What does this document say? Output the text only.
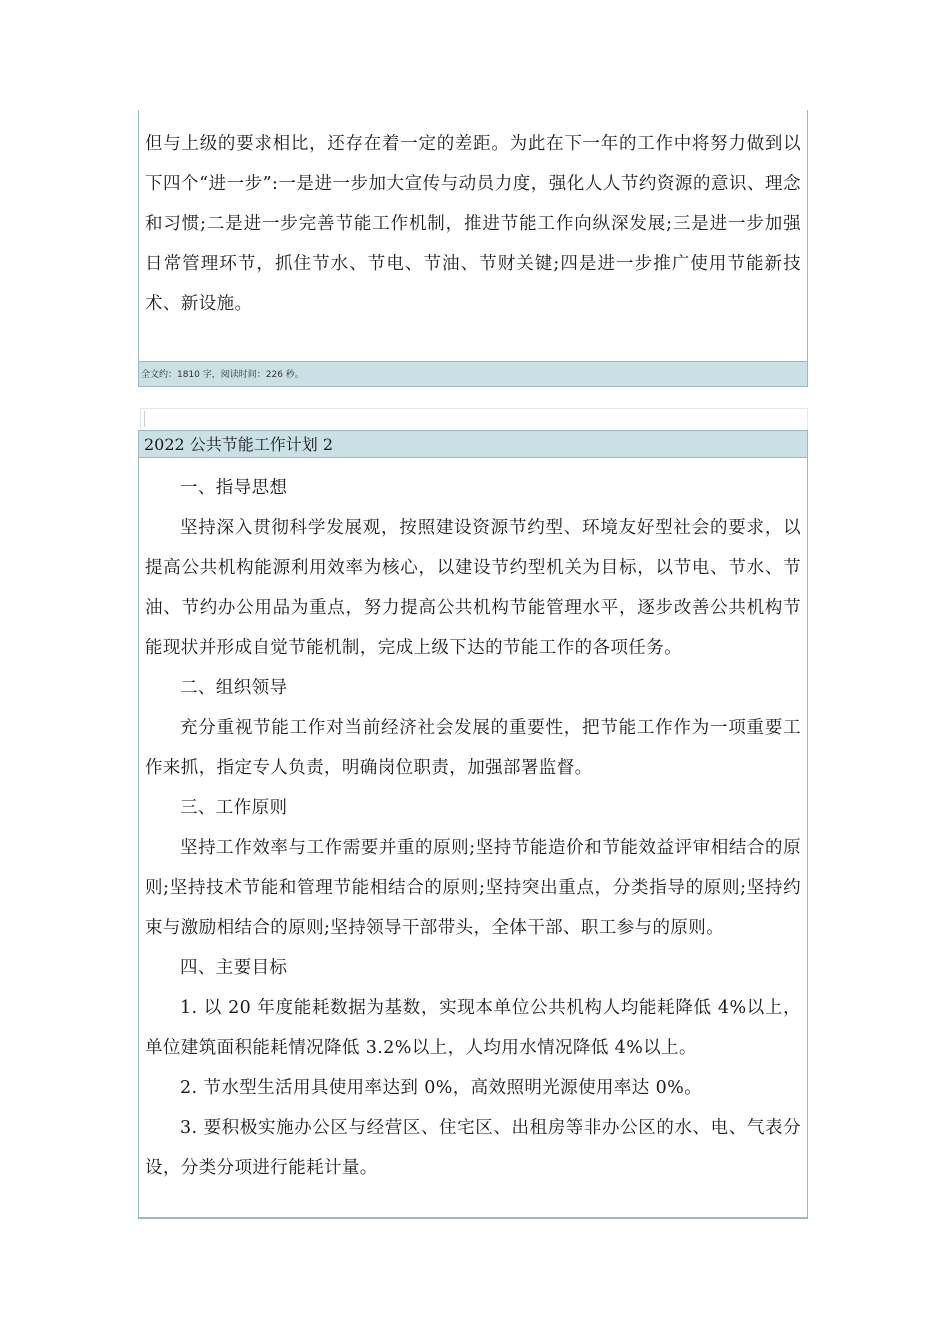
但与上级的要求相比，还存在着一定的差距。为此在下一年的工作中将努力做到以下四个“进一步”:一是进一步加大宣传与动员力度，强化人人节约资源的意识、理念和习惯;二是进一步完善节能工作机制，推进节能工作向纵深发展;三是进一步加强日常管理环节，抓住节水、节电、节油、节财关键;四是进一步推广使用节能新技术、新设施。

全文约：1810 字，阅读时间：226 秒。
2022 公共节能工作计划 2

一、指导思想

坚持深入贯彻科学发展观，按照建设资源节约型、环境友好型社会的要求，以提高公共机构能源利用效率为核心，以建设节约型机关为目标，以节电、节水、节油、节约办公用品为重点，努力提高公共机构节能管理水平，逐步改善公共机构节能现状并形成自觉节能机制，完成上级下达的节能工作的各项任务。

二、组织领导

充分重视节能工作对当前经济社会发展的重要性，把节能工作作为一项重要工作来抓，指定专人负责，明确岗位职责，加强部署监督。

三、工作原则

坚持工作效率与工作需要并重的原则;坚持节能造价和节能效益评审相结合的原则;坚持技术节能和管理节能相结合的原则;坚持突出重点，分类指导的原则;坚持约束与激励相结合的原则;坚持领导干部带头，全体干部、职工参与的原则。

四、主要目标

1. 以 20 年度能耗数据为基数，实现本单位公共机构人均能耗降低 4%以上，单位建筑面积能耗情况降低 3.2%以上，人均用水情况降低 4%以上。

2. 节水型生活用具使用率达到 0%，高效照明光源使用率达 0%。

3. 要积极实施办公区与经营区、住宅区、出租房等非办公区的水、电、气表分设，分类分项进行能耗计量。
